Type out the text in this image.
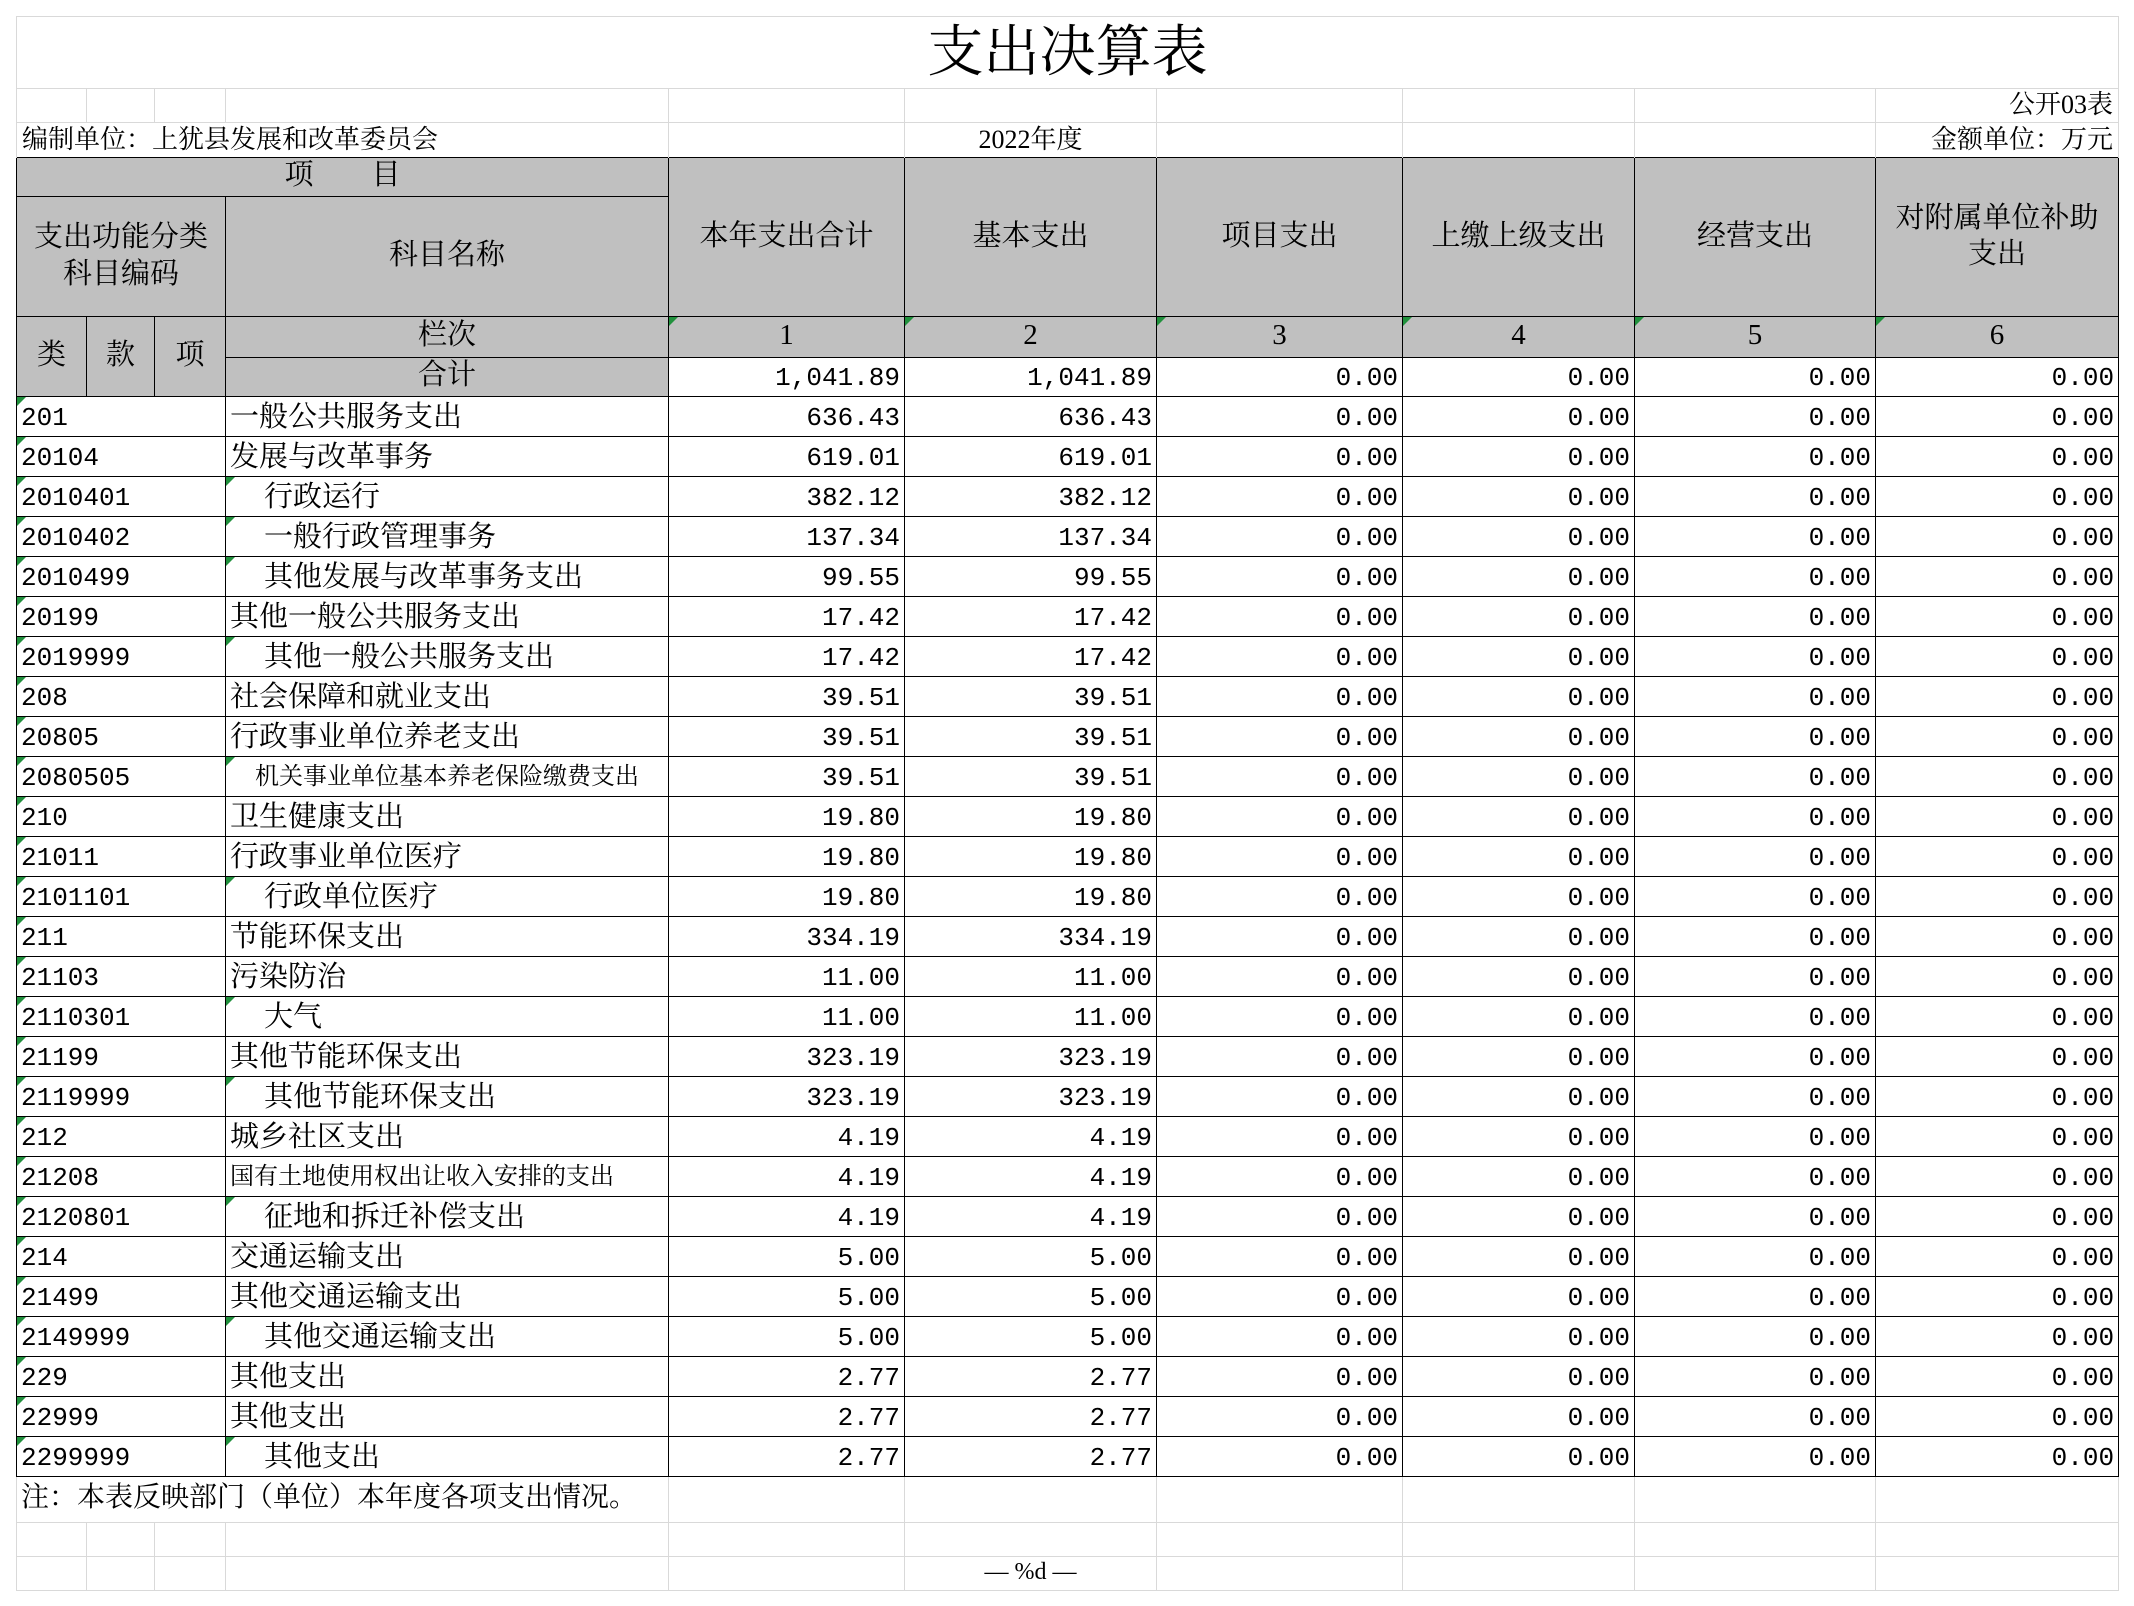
支出决算表									
									公开03表
编制单位：上犹县发展和改革委员会					2022年度				金额单位：万元
项　　目				本年支出合计	基本支出	项目支出	上缴上级支出	经营支出	对附属单位补助
支出
支出功能分类
科目编码			科目名称						
类	款	项	栏次	1	2	3	4	5	6
			合计	1,041.89	1,041.89	0.00	0.00	0.00	0.00

201			一般公共服务支出	636.43	636.43	0.00	0.00	0.00	0.00

20104			发展与改革事务	619.01	619.01	0.00	0.00	0.00	0.00

2010401			行政运行	382.12	382.12	0.00	0.00	0.00	0.00

2010402			一般行政管理事务	137.34	137.34	0.00	0.00	0.00	0.00

2010499			其他发展与改革事务支出	99.55	99.55	0.00	0.00	0.00	0.00

20199			其他一般公共服务支出	17.42	17.42	0.00	0.00	0.00	0.00

2019999			其他一般公共服务支出	17.42	17.42	0.00	0.00	0.00	0.00

208			社会保障和就业支出	39.51	39.51	0.00	0.00	0.00	0.00

20805			行政事业单位养老支出	39.51	39.51	0.00	0.00	0.00	0.00

2080505			机关事业单位基本养老保险缴费支出	39.51	39.51	0.00	0.00	0.00	0.00

210			卫生健康支出	19.80	19.80	0.00	0.00	0.00	0.00

21011			行政事业单位医疗	19.80	19.80	0.00	0.00	0.00	0.00

2101101			行政单位医疗	19.80	19.80	0.00	0.00	0.00	0.00

211			节能环保支出	334.19	334.19	0.00	0.00	0.00	0.00

21103			污染防治	11.00	11.00	0.00	0.00	0.00	0.00

2110301			大气	11.00	11.00	0.00	0.00	0.00	0.00

21199			其他节能环保支出	323.19	323.19	0.00	0.00	0.00	0.00

2119999			其他节能环保支出	323.19	323.19	0.00	0.00	0.00	0.00

212			城乡社区支出	4.19	4.19	0.00	0.00	0.00	0.00

21208			国有土地使用权出让收入安排的支出	4.19	4.19	0.00	0.00	0.00	0.00

2120801			征地和拆迁补偿支出	4.19	4.19	0.00	0.00	0.00	0.00

214			交通运输支出	5.00	5.00	0.00	0.00	0.00	0.00

21499			其他交通运输支出	5.00	5.00	0.00	0.00	0.00	0.00

2149999			其他交通运输支出	5.00	5.00	0.00	0.00	0.00	0.00

229			其他支出	2.77	2.77	0.00	0.00	0.00	0.00

22999			其他支出	2.77	2.77	0.00	0.00	0.00	0.00

2299999			其他支出	2.77	2.77	0.00	0.00	0.00	0.00
注：本表反映部门（单位）本年度各项支出情况。									

					— %d —				
